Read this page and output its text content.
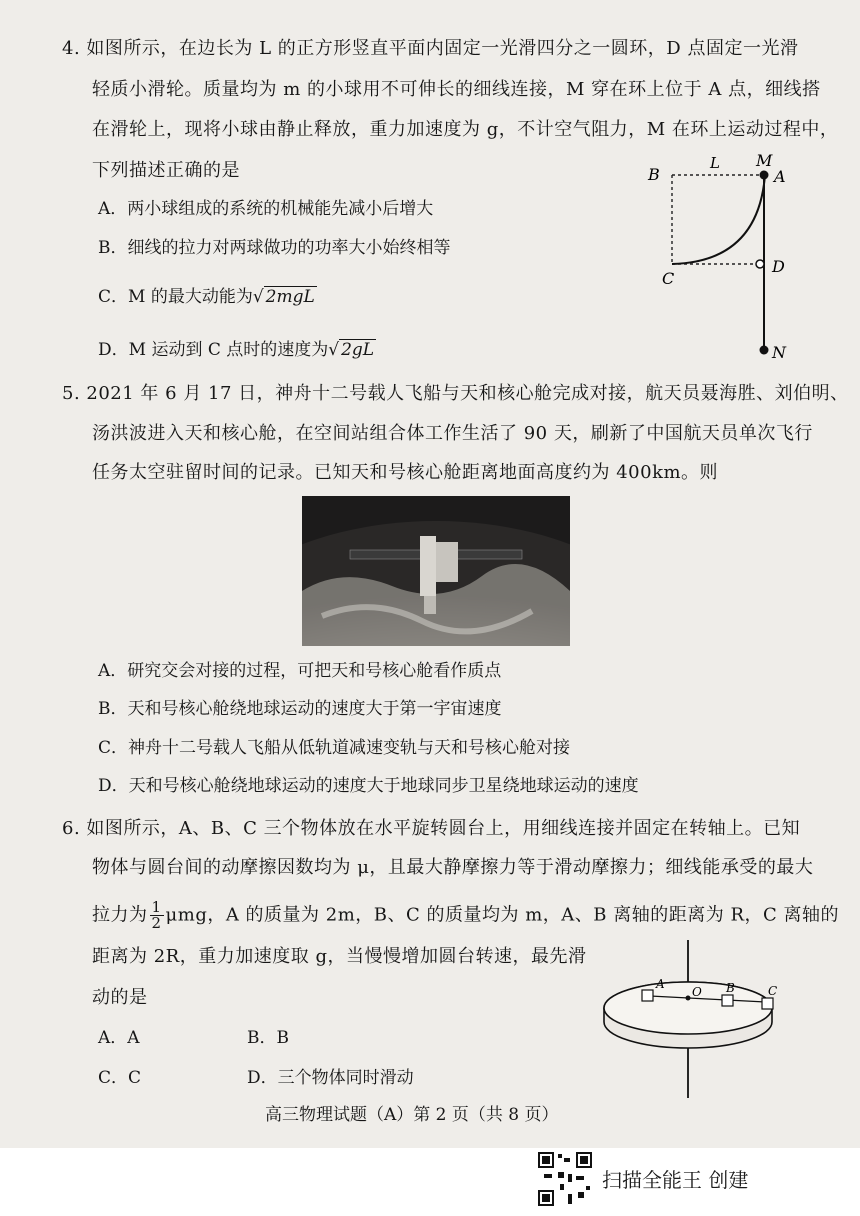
4. 如图所示，在边长为 L 的正方形竖直平面内固定一光滑四分之一圆环，D 点固定一光滑
轻质小滑轮。质量均为 m 的小球用不可伸长的细线连接，M 穿在环上位于 A 点，细线搭
在滑轮上，现将小球由静止释放，重力加速度为 g，不计空气阻力，M 在环上运动过程中，
下列描述正确的是
A．两小球组成的系统的机械能先减小后增大
B．细线的拉力对两球做功的功率大小始终相等
C．M 的最大动能为√ 2mgL
D．M 运动到 C 点时的速度为√ 2gL
B
L M
A
C
D
N
5. 2021 年 6 月 17 日，神舟十二号载人飞船与天和核心舱完成对接，航天员聂海胜、刘伯明、
汤洪波进入天和核心舱，在空间站组合体工作生活了 90 天，刷新了中国航天员单次飞行
任务太空驻留时间的记录。已知天和号核心舱距离地面高度约为 400km。则
A．研究交会对接的过程，可把天和号核心舱看作质点
B．天和号核心舱绕地球运动的速度大于第一宇宙速度
C．神舟十二号载人飞船从低轨道减速变轨与天和号核心舱对接
D．天和号核心舱绕地球运动的速度大于地球同步卫星绕地球运动的速度
6. 如图所示，A、B、C 三个物体放在水平旋转圆台上，用细线连接并固定在转轴上。已知
物体与圆台间的动摩擦因数均为 μ，且最大静摩擦力等于滑动摩擦力；细线能承受的最大
拉力为 $\frac{1}{2}$ μmg，A 的质量为 2m，B、C 的质量均为 m，A、B 离轴的距离为 R，C 离轴的
距离为 2R，重力加速度取 g，当慢慢增加圆台转速，最先滑
动的是
A．A	B．B
C．C	D．三个物体同时滑动
A
O B	C
高三物理试题（A）第 2 页（共 8 页）
扫描全能王 创建
